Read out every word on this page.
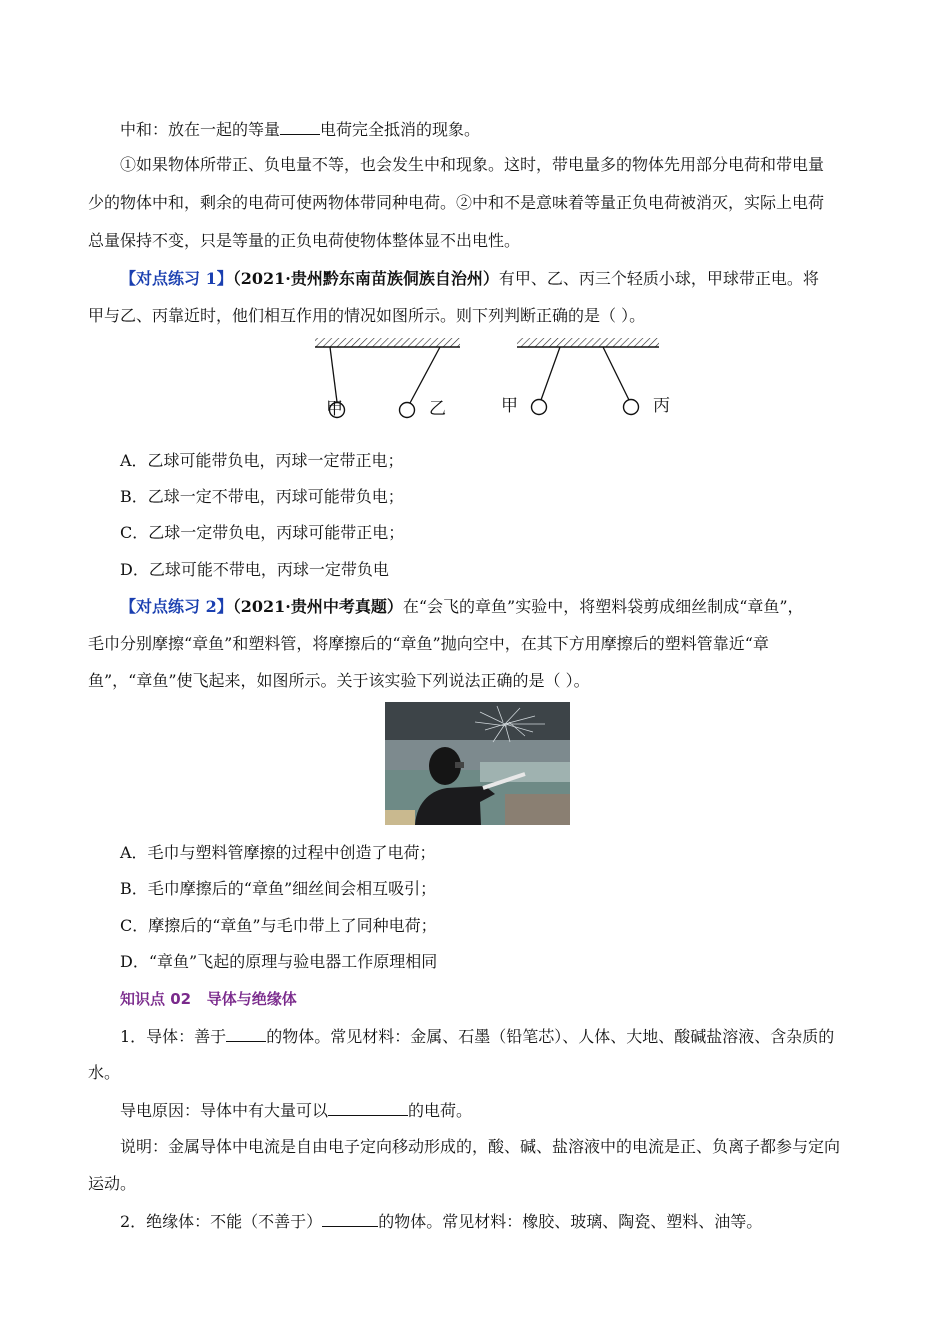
中和：放在一起的等量	电荷完全抵消的现象。
①如果物体所带正、负电量不等，也会发生中和现象。这时，带电量多的物体先用部分电荷和带电量
少的物体中和，剩余的电荷可使两物体带同种电荷。②中和不是意味着等量正负电荷被消灭，实际上电荷
总量保持不变，只是等量的正负电荷使物体整体显不出电性。
【对点练习 1】（2021·贵州黔东南苗族侗族自治州）有甲、乙、丙三个轻质小球，甲球带正电。将
甲与乙、丙靠近时，他们相互作用的情况如图所示。则下列判断正确的是（ ）。
甲	乙	甲	丙
A．乙球可能带负电，丙球一定带正电；
B．乙球一定不带电，丙球可能带负电；
C．乙球一定带负电，丙球可能带正电；
D．乙球可能不带电，丙球一定带负电
【对点练习 2】（2021·贵州中考真题）在“会飞的章鱼”实验中，将塑料袋剪成细丝制成“章鱼”，
毛巾分别摩擦“章鱼”和塑料管，将摩擦后的“章鱼”抛向空中，在其下方用摩擦后的塑料管靠近“章
鱼”，“章鱼”使飞起来，如图所示。关于该实验下列说法正确的是（ ）。
A．毛巾与塑料管摩擦的过程中创造了电荷；
B．毛巾摩擦后的“章鱼”细丝间会相互吸引；
C．摩擦后的“章鱼”与毛巾带上了同种电荷；
D．“章鱼”飞起的原理与验电器工作原理相同
知识点 02   导体与绝缘体
1．导体：善于	的物体。常见材料：金属、石墨（铅笔芯）、人体、大地、酸碱盐溶液、含杂质的
水。
导电原因：导体中有大量可以	的电荷。
说明：金属导体中电流是自由电子定向移动形成的，酸、碱、盐溶液中的电流是正、负离子都参与定向
运动。
2．绝缘体：不能（不善于）	的物体。常见材料：橡胶、玻璃、陶瓷、塑料、油等。
